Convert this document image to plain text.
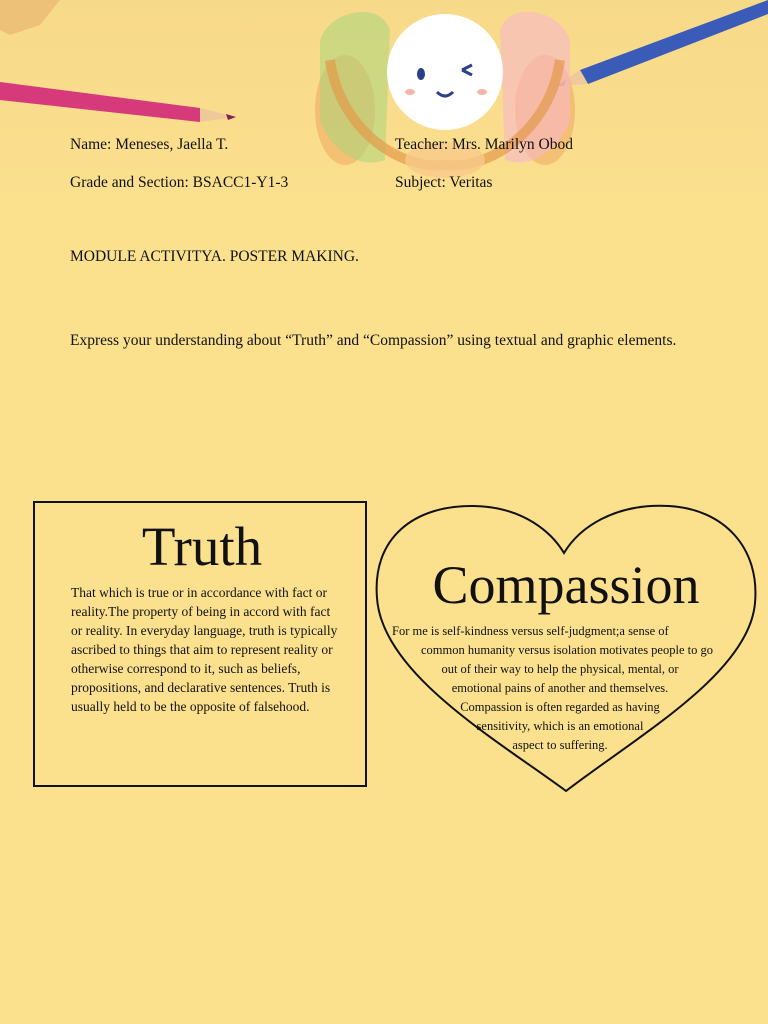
Name: Meneses, Jaella T.	Teacher: Mrs. Marilyn Obod
Grade and Section: BSACC1-Y1-3	Subject: Veritas
MODULE ACTIVITYA. POSTER MAKING.
Express your understanding about “Truth” and “Compassion” using textual and graphic elements.
Truth
That which is true or in accordance with fact or reality.The property of being in accord with fact or reality. In everyday language, truth is typically ascribed to things that aim to represent reality or otherwise correspond to it, such as beliefs, propositions, and declarative sentences. Truth is usually held to be the opposite of falsehood.
Compassion
For me is self-kindness versus self-judgment;a sense of
common humanity versus isolation motivates people to go
out of their way to help the physical, mental, or
emotional pains of another and themselves.
Compassion is often regarded as having
sensitivity, which is an emotional
aspect to suffering.
